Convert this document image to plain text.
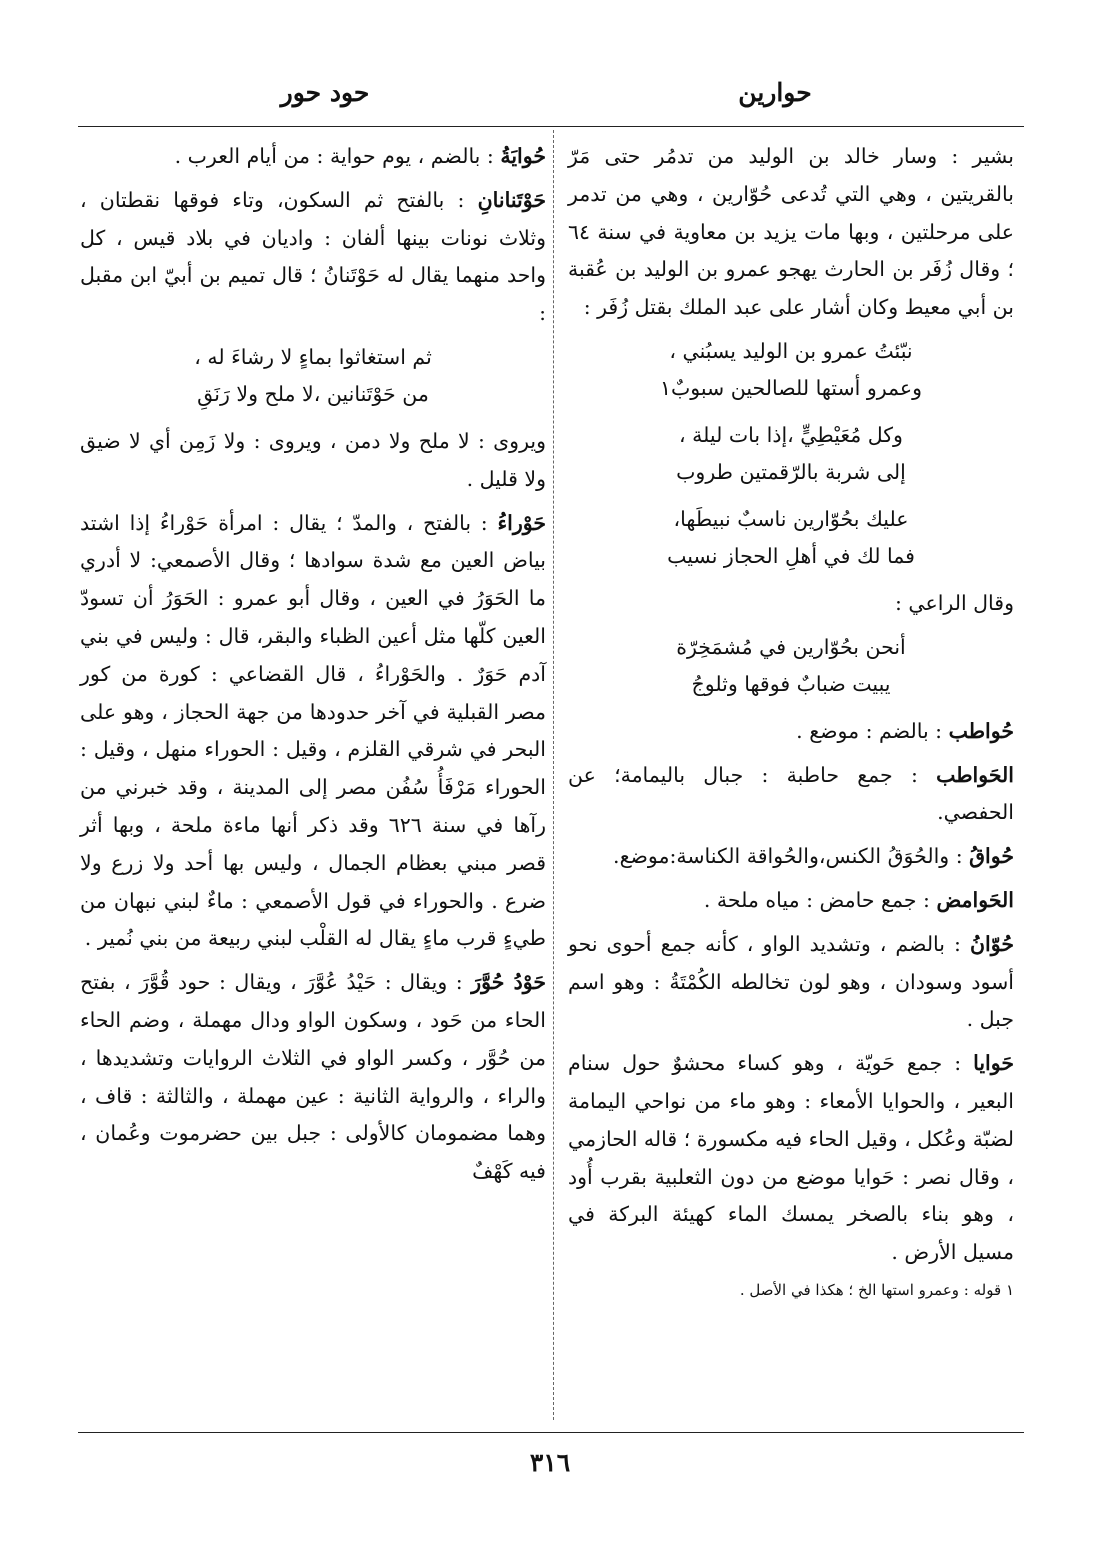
حوارين
حود حور

بشير : وسار خالد بن الوليد من تدمُر حتى مَرّ بالقريتين ، وهي التي تُدعى حُوّارين ، وهي من تدمر على مرحلتين ، وبها مات يزيد بن معاوية في سنة ٦٤ ؛ وقال زُفَر بن الحارث يهجو عمرو بن الوليد بن عُقبة بن أبي معيط وكان أشار على عبد الملك بقتل زُفَر :

نبّئتُ عمرو بن الوليد يسبُني ،
وعمرو أستها للصالحين سبوبٌ١
وكل مُعَيْطِيٍّ ،إذا بات ليلة ،
إلى شربة بالرّقمتين طروب
عليك بحُوّارين ناسبٌ نبيطَها،
فما لك في أهلِ الحجاز نسيب

وقال الراعي :

أنحن بحُوّارين في مُشمَخِرّة
يبيت ضبابٌ فوقها وثلوجُ

حُواطب : بالضم : موضع .

الحَواطب : جمع حاطبة : جبال باليمامة؛ عن الحفصي.

حُواقُ : والحُوَقُ الكنس،والحُواقة الكناسة:موضع.

الحَوامض : جمع حامض : مياه ملحة .

حُوّانُ : بالضم ، وتشديد الواو ، كأنه جمع أحوى نحو أسود وسودان ، وهو لون تخالطه الكُمْتَةُ : وهو اسم جبل .

حَوايا : جمع حَويّة ، وهو كساء محشوٌ حول سنام البعير ، والحوايا الأمعاء : وهو ماء من نواحي اليمامة لضبّة وعُكل ، وقيل الحاء فيه مكسورة ؛ قاله الحازمي ، وقال نصر : حَوايا موضع من دون الثعلبية بقرب أُود ، وهو بناء بالصخر يمسك الماء كهيئة البركة في مسيل الأرض .

١ قوله : وعمرو استها الخ ؛ هكذا في الأصل .

حُوايَةُ : بالضم ، يوم حواية : من أيام العرب .

حَوْتَنانانِ : بالفتح ثم السكون، وتاء فوقها نقطتان ، وثلاث نونات بينها ألفان : واديان في بلاد قيس ، كل واحد منهما يقال له حَوْتَنانُ ؛ قال تميم بن أبيّ ابن مقبل :

ثم استغاثوا بماءٍ لا رشاءَ له ،
من حَوْتَنانين ،لا ملح ولا رَنَقِ

ويروى : لا ملح ولا دمن ، ويروى : ولا زَمِن أي لا ضيق ولا قليل .

حَوْراءُ : بالفتح ، والمدّ ؛ يقال : امرأة حَوْراءُ إذا اشتد بياض العين مع شدة سوادها ؛ وقال الأصمعي: لا أدري ما الحَوَرُ في العين ، وقال أبو عمرو : الحَوَرُ أن تسودّ العين كلّها مثل أعين الظباء والبقر، قال : وليس في بني آدم حَوَرٌ . والحَوْراءُ ، قال القضاعي : كورة من كور مصر القبلية في آخر حدودها من جهة الحجاز ، وهو على البحر في شرقي القلزم ، وقيل : الحوراء منهل ، وقيل : الحوراء مَرْفَأُ سُفُن مصر إلى المدينة ، وقد خبرني من رآها في سنة ٦٢٦ وقد ذكر أنها ماءة ملحة ، وبها أثر قصر مبني بعظام الجمال ، وليس بها أحد ولا زرع ولا ضرع . والحوراء في قول الأصمعي : ماءٌ لبني نبهان من طيءٍ قرب ماءٍ يقال له القلْب لبني ربيعة من بني نُمير .

حَوْدُ حُوَّرَ : ويقال : حَيْدُ عُوَّرَ ، ويقال : حود قُوَّرَ ، بفتح الحاء من حَود ، وسكون الواو ودال مهملة ، وضم الحاء من حُوَّر ، وكسر الواو في الثلاث الروايات وتشديدها ، والراء ، والرواية الثانية : عين مهملة ، والثالثة : قاف ، وهما مضمومان كالأولى : جبل بين حضرموت وعُمان ، فيه كَهْفٌ

٣١٦
